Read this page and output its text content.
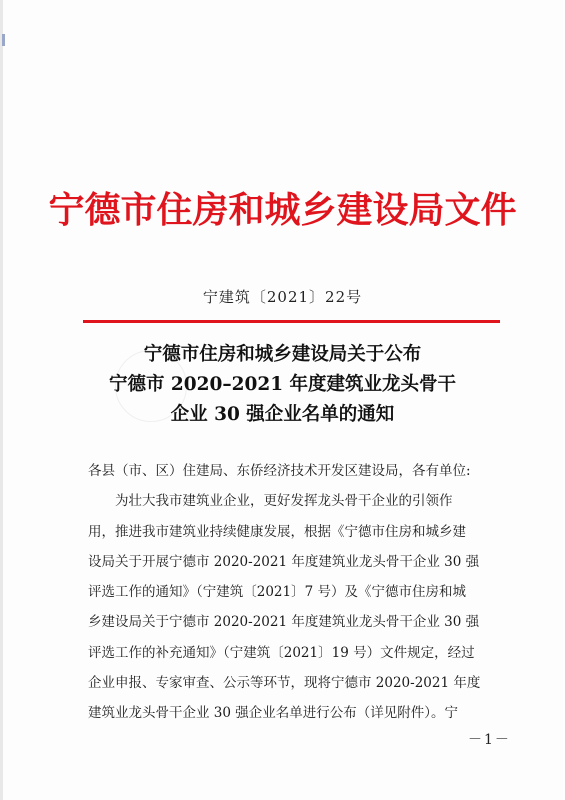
宁德市住房和城乡建设局文件
宁建筑〔2021〕22号
宁德市住房和城乡建设局关于公布
宁德市 2020–2021 年度建筑业龙头骨干
企业 30 强企业名单的通知

各县（市、区）住建局、东侨经济技术开发区建设局，各有单位:

为壮大我市建筑业企业，更好发挥龙头骨干企业的引领作

用，推进我市建筑业持续健康发展，根据《宁德市住房和城乡建

设局关于开展宁德市 2020-2021 年度建筑业龙头骨干企业 30 强

评选工作的通知》（宁建筑〔2021〕7 号）及《宁德市住房和城

乡建设局关于宁德市 2020-2021 年度建筑业龙头骨干企业 30 强

评选工作的补充通知》（宁建筑〔2021〕19 号）文件规定，经过

企业申报、专家审查、公示等环节，现将宁德市 2020-2021 年度

建筑业龙头骨干企业 30 强企业名单进行公布（详见附件）。宁

－1－
